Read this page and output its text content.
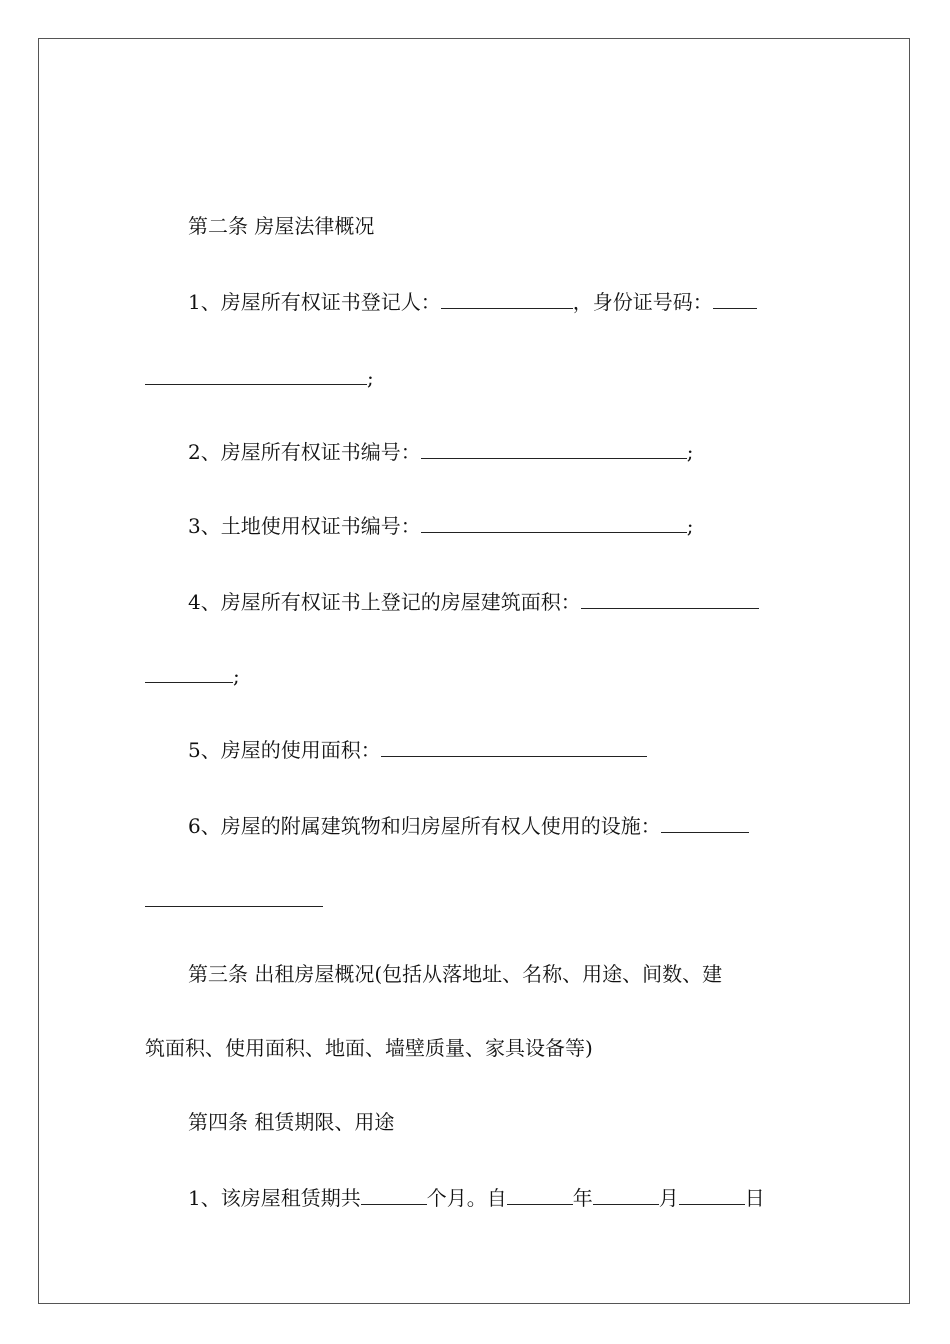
第二条 房屋法律概况
1、房屋所有权证书登记人：	，身份证号码：
;
2、房屋所有权证书编号：	;
3、土地使用权证书编号：	;
4、房屋所有权证书上登记的房屋建筑面积：
;
5、房屋的使用面积：
6、房屋的附属建筑物和归房屋所有权人使用的设施：
第三条 出租房屋概况(包括从落地址、名称、用途、间数、建
筑面积、使用面积、地面、墙壁质量、家具设备等)
第四条 租赁期限、用途
1、该房屋租赁期共	个月。自	年	月	日
